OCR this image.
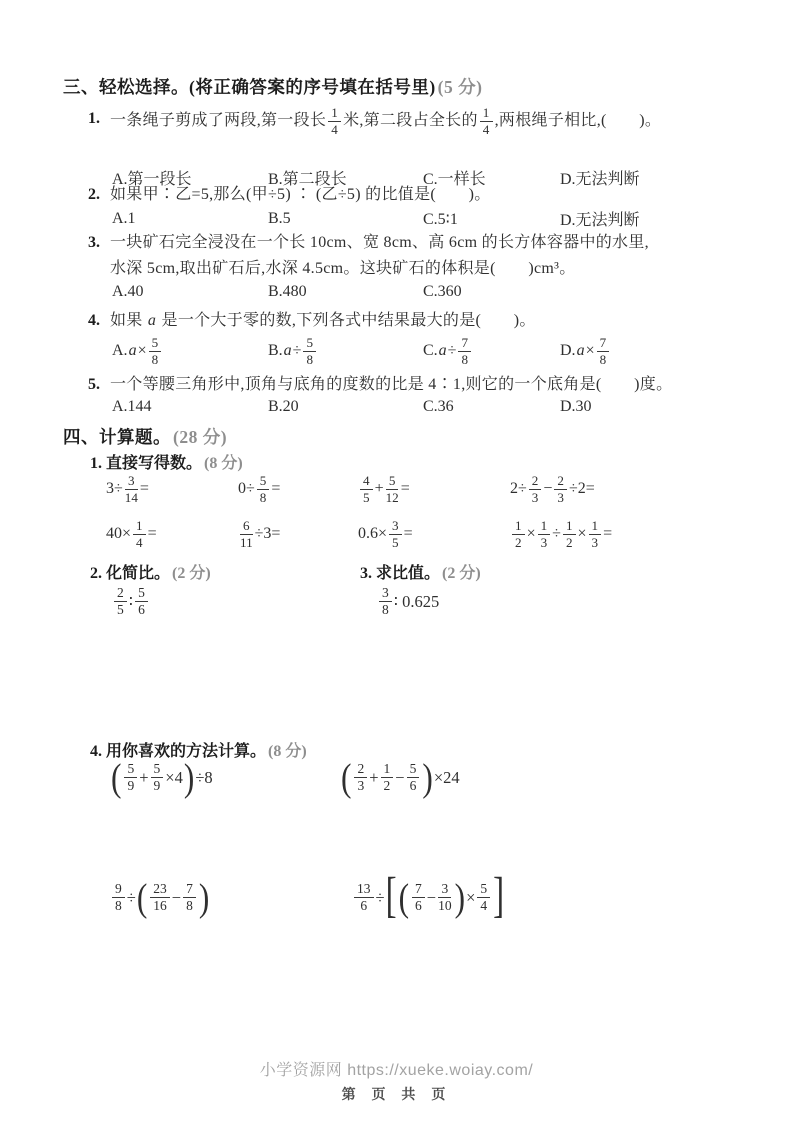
三、轻松选择。(将正确答案的序号填在括号里) (5 分)
1. 一条绳子剪成了两段,第一段长 $\frac{1}{4}$ 米,第二段占全长的 $\frac{1}{4}$ ,两根绳子相比,(　　 )。
A.第一段长	B.第二段长	C.一样长	D.无法判断
2. 如果甲∶乙=5,那么(甲÷5) ∶ (乙÷5) 的比值是(　　 )。
A.1	B.5	C.5∶1	D.无法判断
3. 一块矿石完全浸没在一个长 10cm、宽 8cm、高 6cm 的长方体容器中的水里,
水深 5cm,取出矿石后,水深 4.5cm。这块矿石的体积是(　　 )cm³。
A.40	B.480	C.360
4. 如果 a 是一个大于零的数,下列各式中结果最大的是(　　 )。
A. $a \times \frac{5}{8}$	B. $a \div \frac{5}{8}$	C. $a \div \frac{7}{8}$	D. $a \times \frac{7}{8}$
5. 一个等腰三角形中,顶角与底角的度数的比是 4∶1,则它的一个底角是(　　 )度。
A.144	B.20	C.36	D.30
四、计算题。 (28 分)
1. 直接写得数。 (8 分)
$3\div \frac{3}{14}$ =	$0\div \frac{5}{8}$ =	$\frac{4}{5} + \frac{5}{12}$ =	$2\div \frac{2}{3} - \frac{2}{3} \div 2=$
$40\times \frac{1}{4}$ =	$\frac{6}{11} \div 3=$	$0.6\times \frac{3}{5}$ =	$\frac{1}{2} \times \frac{1}{3} \div \frac{1}{2} \times \frac{1}{3}$ =
2. 化简比。 (2 分)
$\frac{2}{5}$ ∶ $\frac{5}{6}$
3. 求比值。 (2 分)
$\frac{3}{8}$ ∶ 0.625
4. 用你喜欢的方法计算。 (8 分)
( $\frac{5}{9} + \frac{5}{9} \times 4$ ) ÷8	( $\frac{2}{3} + \frac{1}{2} - \frac{5}{6}$ ) ×24
$\frac{9}{8}$ ÷ ( $\frac{23}{16} - \frac{7}{8}$ )	$\frac{13}{6}$ ÷ [ ( $\frac{7}{6} - \frac{3}{10}$ ) × $\frac{5}{4}$ ]
小学资源网 https://xueke.woiay.com/
第 页 共 页
